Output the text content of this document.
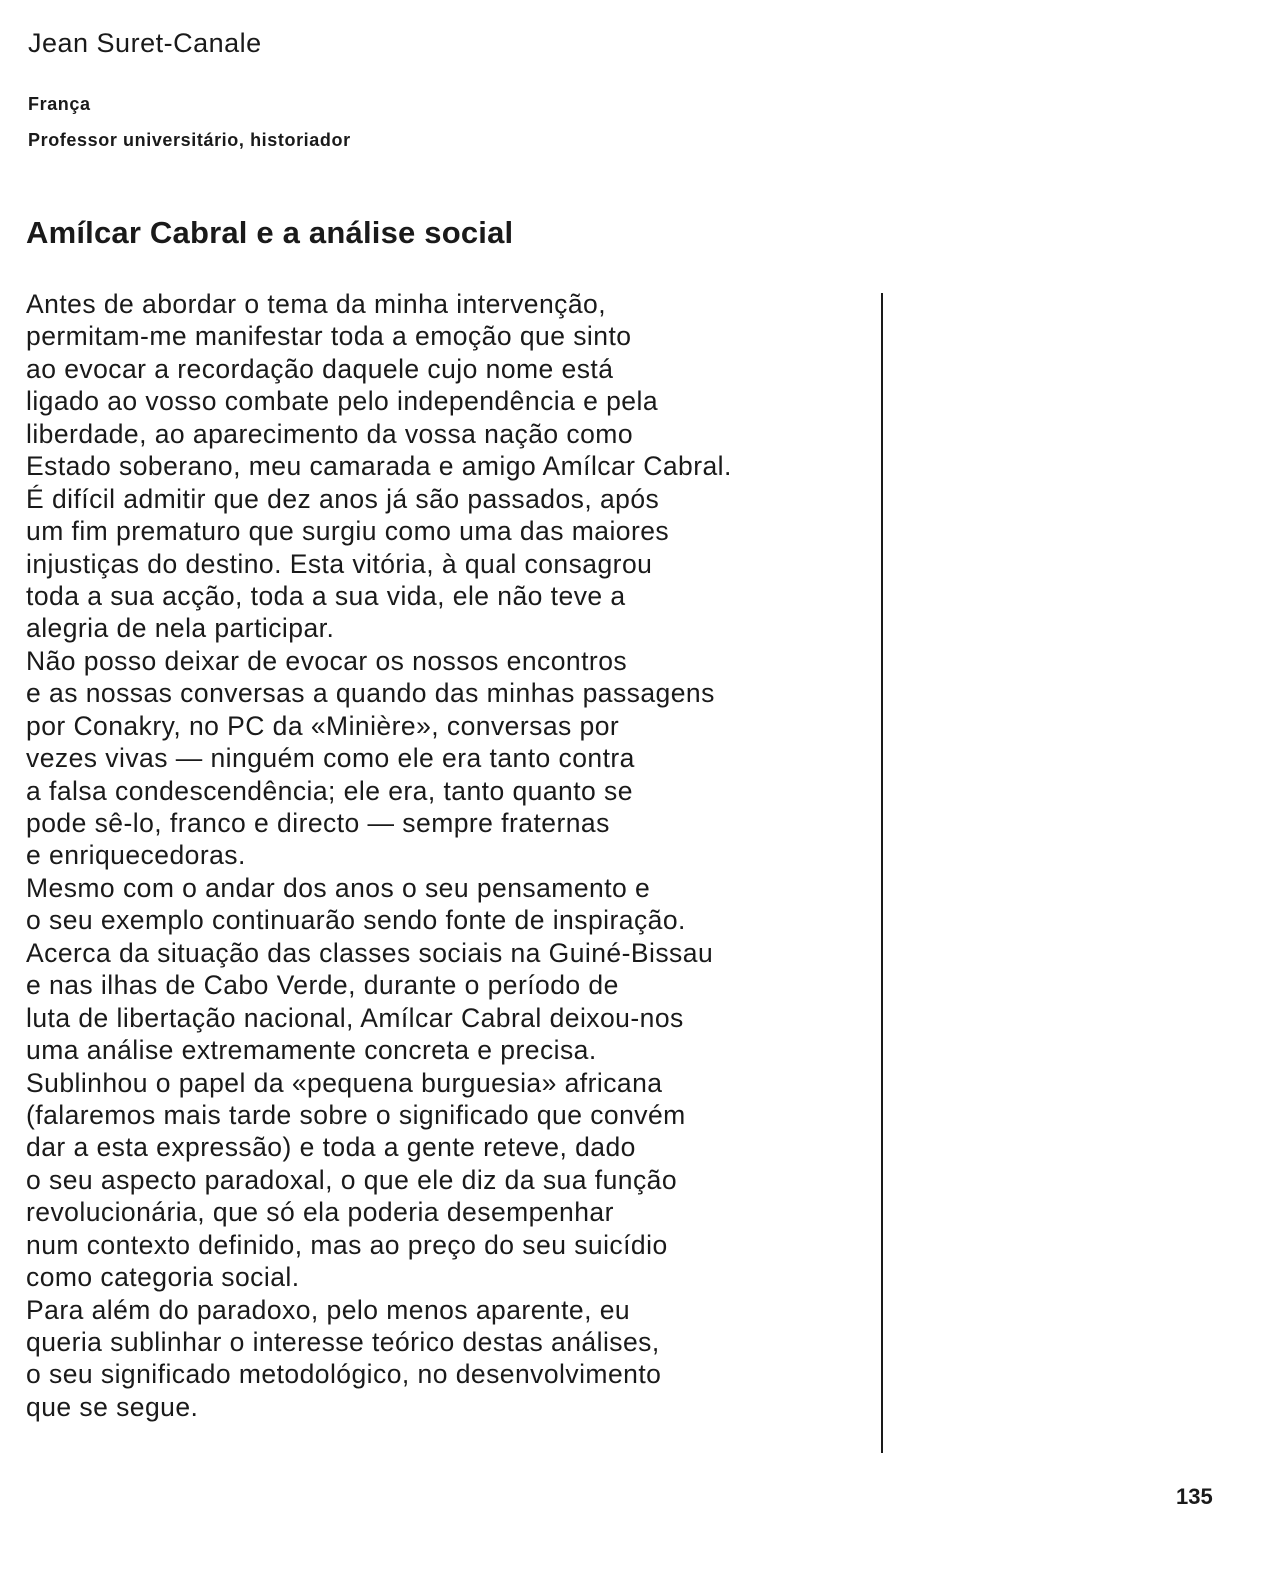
Jean Suret-Canale

França

Professor universitário, historiador

Amílcar Cabral e a análise social
Antes de abordar o tema da minha intervenção,
permitam-me manifestar toda a emoção que sinto
ao evocar a recordação daquele cujo nome está
ligado ao vosso combate pelo independência e pela
liberdade, ao aparecimento da vossa nação como
Estado soberano, meu camarada e amigo Amílcar Cabral.
É difícil admitir que dez anos já são passados, após
um fim prematuro que surgiu como uma das maiores
injustiças do destino. Esta vitória, à qual consagrou
toda a sua acção, toda a sua vida, ele não teve a
alegria de nela participar.
Não posso deixar de evocar os nossos encontros
e as nossas conversas a quando das minhas passagens
por Conakry, no PC da «Minière», conversas por
vezes vivas — ninguém como ele era tanto contra
a falsa condescendência; ele era, tanto quanto se
pode sê-lo, franco e directo — sempre fraternas
e enriquecedoras.
Mesmo com o andar dos anos o seu pensamento e
o seu exemplo continuarão sendo fonte de inspiração.
Acerca da situação das classes sociais na Guiné-Bissau
e nas ilhas de Cabo Verde, durante o período de
luta de libertação nacional, Amílcar Cabral deixou-nos
uma análise extremamente concreta e precisa.
Sublinhou o papel da «pequena burguesia» africana
(falaremos mais tarde sobre o significado que convém
dar a esta expressão) e toda a gente reteve, dado
o seu aspecto paradoxal, o que ele diz da sua função
revolucionária, que só ela poderia desempenhar
num contexto definido, mas ao preço do seu suicídio
como categoria social.
Para além do paradoxo, pelo menos aparente, eu
queria sublinhar o interesse teórico destas análises,
o seu significado metodológico, no desenvolvimento
que se segue.

135
